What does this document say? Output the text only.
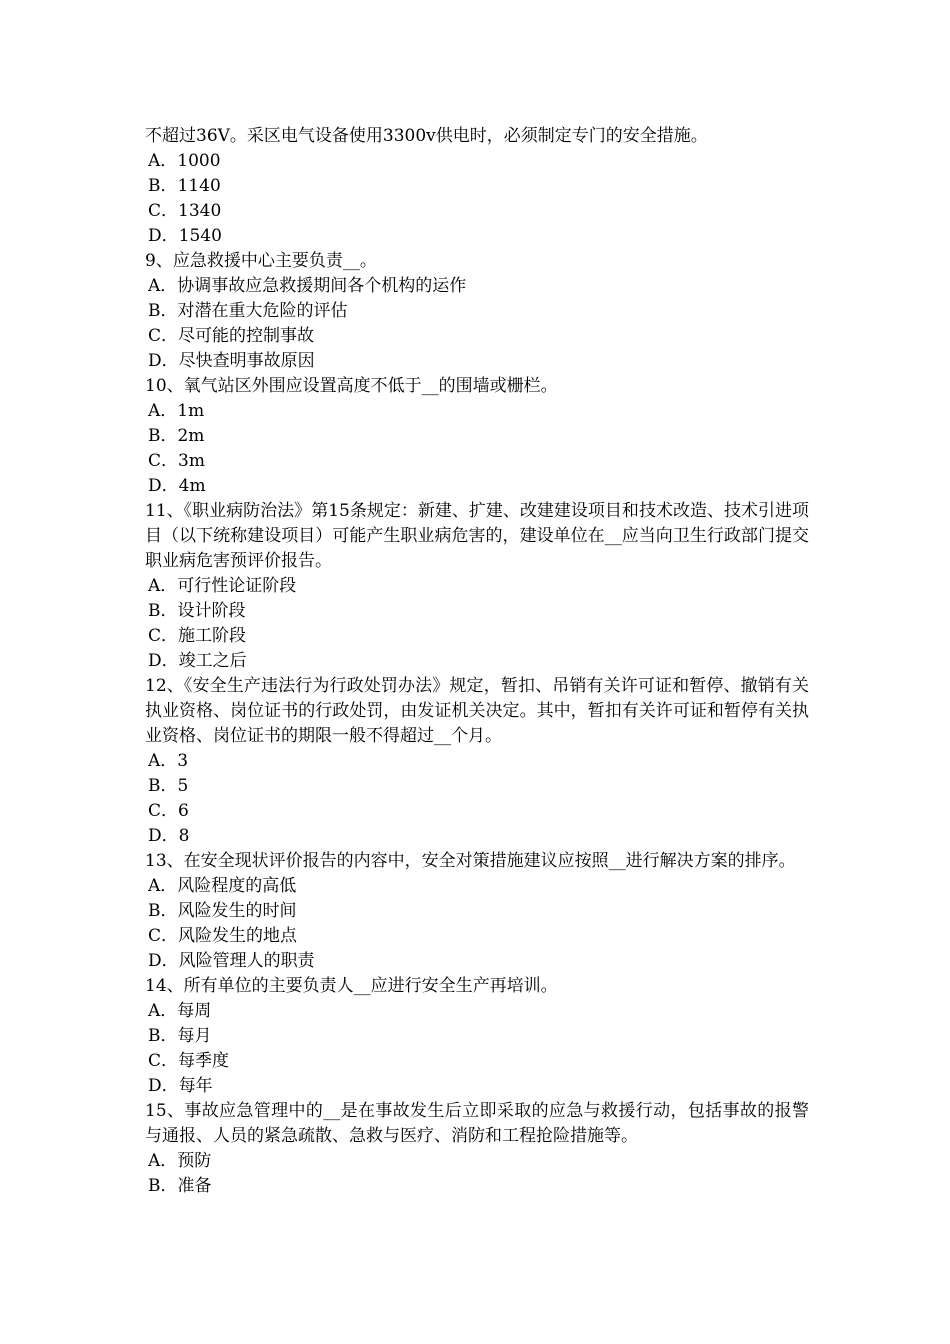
不超过36V。采区电气设备使用3300v供电时，必须制定专门的安全措施。
A．1000
B．1140
C．1340
D．1540
9、应急救援中心主要负责__。
A．协调事故应急救援期间各个机构的运作
B．对潜在重大危险的评估
C．尽可能的控制事故
D．尽快查明事故原因
10、氧气站区外围应设置高度不低于__的围墙或栅栏。
A．1m
B．2m
C．3m
D．4m
11、《职业病防治法》第15条规定：新建、扩建、改建建设项目和技术改造、技术引进项目（以下统称建设项目）可能产生职业病危害的，建设单位在__应当向卫生行政部门提交职业病危害预评价报告。
A．可行性论证阶段
B．设计阶段
C．施工阶段
D．竣工之后
12、《安全生产违法行为行政处罚办法》规定，暂扣、吊销有关许可证和暂停、撤销有关执业资格、岗位证书的行政处罚，由发证机关决定。其中，暂扣有关许可证和暂停有关执业资格、岗位证书的期限一般不得超过__个月。
A．3
B．5
C．6
D．8
13、在安全现状评价报告的内容中，安全对策措施建议应按照__进行解决方案的排序。
A．风险程度的高低
B．风险发生的时间
C．风险发生的地点
D．风险管理人的职责
14、所有单位的主要负责人__应进行安全生产再培训。
A．每周
B．每月
C．每季度
D．每年
15、事故应急管理中的__是在事故发生后立即采取的应急与救援行动，包括事故的报警与通报、人员的紧急疏散、急救与医疗、消防和工程抢险措施等。
A．预防
B．准备
